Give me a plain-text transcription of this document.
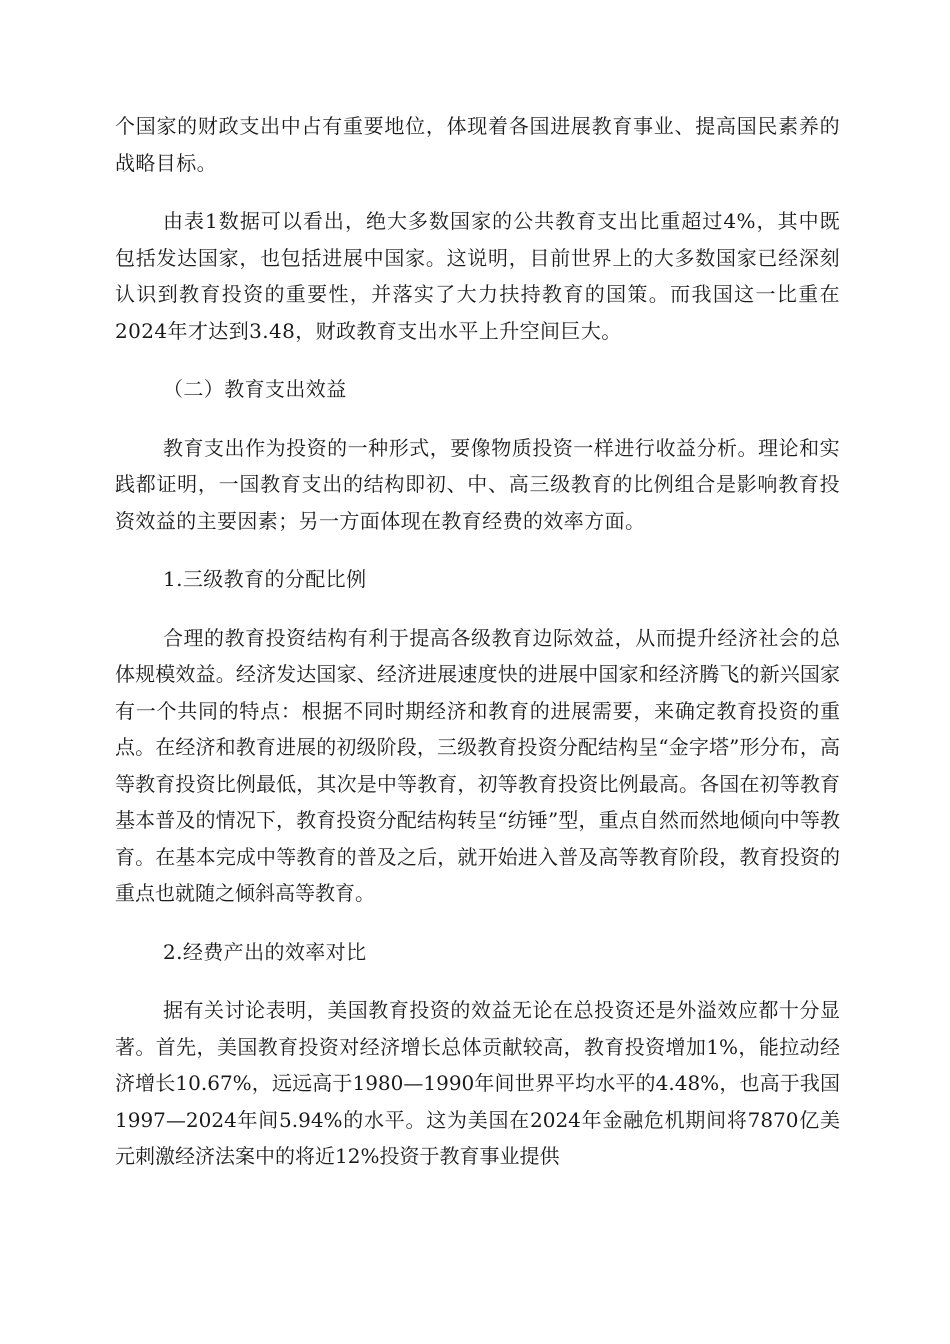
个国家的财政支出中占有重要地位，体现着各国进展教育事业、提高国民素养的战略目标。

由表1数据可以看出，绝大多数国家的公共教育支出比重超过4%，其中既包括发达国家，也包括进展中国家。这说明，目前世界上的大多数国家已经深刻认识到教育投资的重要性，并落实了大力扶持教育的国策。而我国这一比重在2024年才达到3.48，财政教育支出水平上升空间巨大。

（二）教育支出效益

教育支出作为投资的一种形式，要像物质投资一样进行收益分析。理论和实践都证明，一国教育支出的结构即初、中、高三级教育的比例组合是影响教育投资效益的主要因素；另一方面体现在教育经费的效率方面。

1.三级教育的分配比例

合理的教育投资结构有利于提高各级教育边际效益，从而提升经济社会的总体规模效益。经济发达国家、经济进展速度快的进展中国家和经济腾飞的新兴国家有一个共同的特点：根据不同时期经济和教育的进展需要，来确定教育投资的重点。在经济和教育进展的初级阶段，三级教育投资分配结构呈“金字塔”形分布，高等教育投资比例最低，其次是中等教育，初等教育投资比例最高。各国在初等教育基本普及的情况下，教育投资分配结构转呈“纺锤”型，重点自然而然地倾向中等教育。在基本完成中等教育的普及之后，就开始进入普及高等教育阶段，教育投资的重点也就随之倾斜高等教育。

2.经费产出的效率对比

据有关讨论表明，美国教育投资的效益无论在总投资还是外溢效应都十分显著。首先，美国教育投资对经济增长总体贡献较高，教育投资增加1%，能拉动经济增长10.67%，远远高于1980—1990年间世界平均水平的4.48%，也高于我国1997—2024年间5.94%的水平。这为美国在2024年金融危机期间将7870亿美元刺激经济法案中的将近12%投资于教育事业提供
